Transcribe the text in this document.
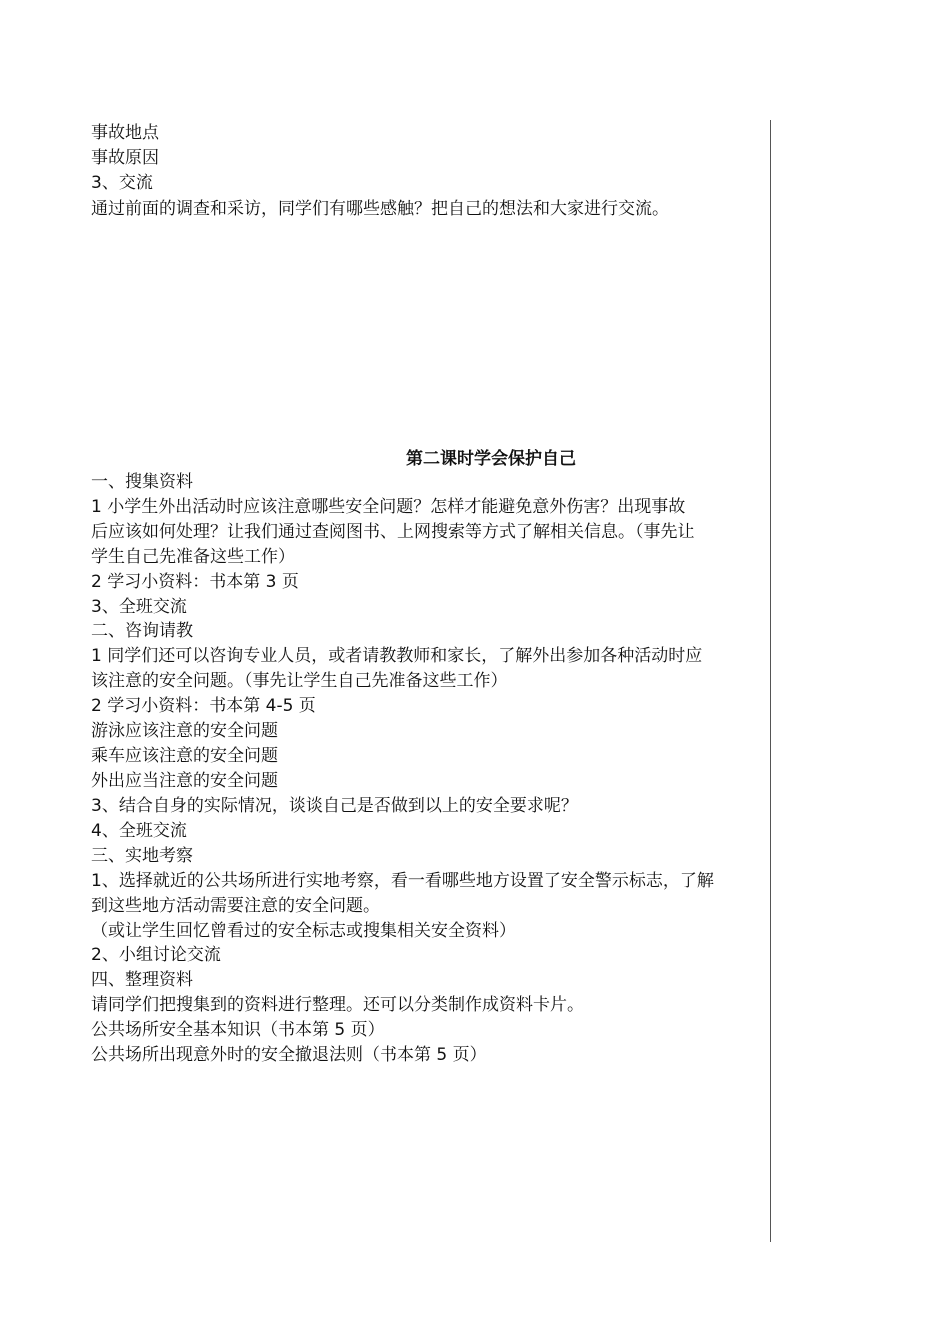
事故地点
事故原因
3、交流
通过前面的调查和采访，同学们有哪些感触？把自己的想法和大家进行交流。
第二课时学会保护自己
一、搜集资料
1 小学生外出活动时应该注意哪些安全问题？怎样才能避免意外伤害？出现事故
后应该如何处理？让我们通过查阅图书、上网搜索等方式了解相关信息。（事先让
学生自己先准备这些工作）
2 学习小资料：书本第 3 页
3、全班交流
二、咨询请教
1 同学们还可以咨询专业人员，或者请教教师和家长，了解外出参加各种活动时应
该注意的安全问题。（事先让学生自己先准备这些工作）
2 学习小资料：书本第 4-5 页
游泳应该注意的安全问题
乘车应该注意的安全问题
外出应当注意的安全问题
3、结合自身的实际情况，谈谈自己是否做到以上的安全要求呢？
4、全班交流
三、实地考察
1、选择就近的公共场所进行实地考察，看一看哪些地方设置了安全警示标志，了解
到这些地方活动需要注意的安全问题。
（或让学生回忆曾看过的安全标志或搜集相关安全资料）
2、小组讨论交流
四、整理资料
请同学们把搜集到的资料进行整理。还可以分类制作成资料卡片。
公共场所安全基本知识（书本第 5 页）
公共场所出现意外时的安全撤退法则（书本第 5 页）
